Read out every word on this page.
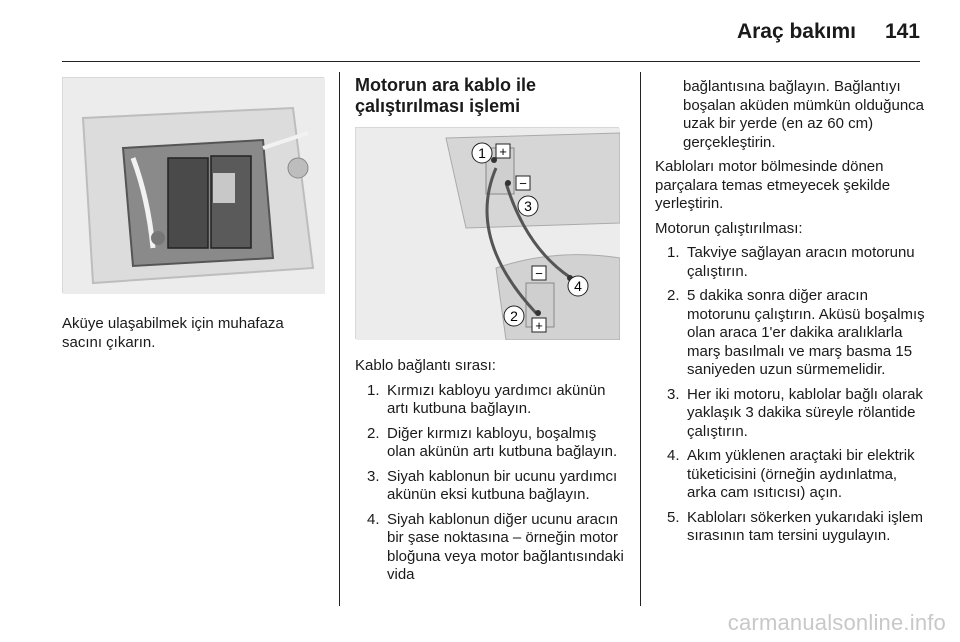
Araç bakımı 141

Aküye ulaşabilmek için muhafaza sacını çıkarın.

Motorun ara kablo ile çalıştırılması işlemi
1 +
−
3
−
4
2
+

Kablo bağlantı sırası:

1. Kırmızı kabloyu yardımcı akünün artı kutbuna bağlayın.
2. Diğer kırmızı kabloyu, boşalmış olan akünün artı kutbuna bağlayın.
3. Siyah kablonun bir ucunu yardımcı akünün eksi kutbuna bağlayın.
4. Siyah kablonun diğer ucunu aracın bir şase noktasına – örneğin motor bloğuna veya motor bağlantısındaki vida

bağlantısına bağlayın. Bağlantıyı boşalan aküden mümkün olduğunca uzak bir yerde (en az 60 cm) gerçekleştirin.

Kabloları motor bölmesinde dönen parçalara temas etmeyecek şekilde yerleştirin.

Motorun çalıştırılması:

1. Takviye sağlayan aracın motorunu çalıştırın.
2. 5 dakika sonra diğer aracın motorunu çalıştırın. Aküsü boşalmış olan araca 1'er dakika aralıklarla marş basılmalı ve marş basma 15 saniyeden uzun sürmemelidir.
3. Her iki motoru, kablolar bağlı olarak yaklaşık 3 dakika süreyle rölantide çalıştırın.
4. Akım yüklenen araçtaki bir elektrik tüketicisini (örneğin aydınlatma, arka cam ısıtıcısı) açın.
5. Kabloları sökerken yukarıdaki işlem sırasının tam tersini uygulayın.
carmanualsonline.info
